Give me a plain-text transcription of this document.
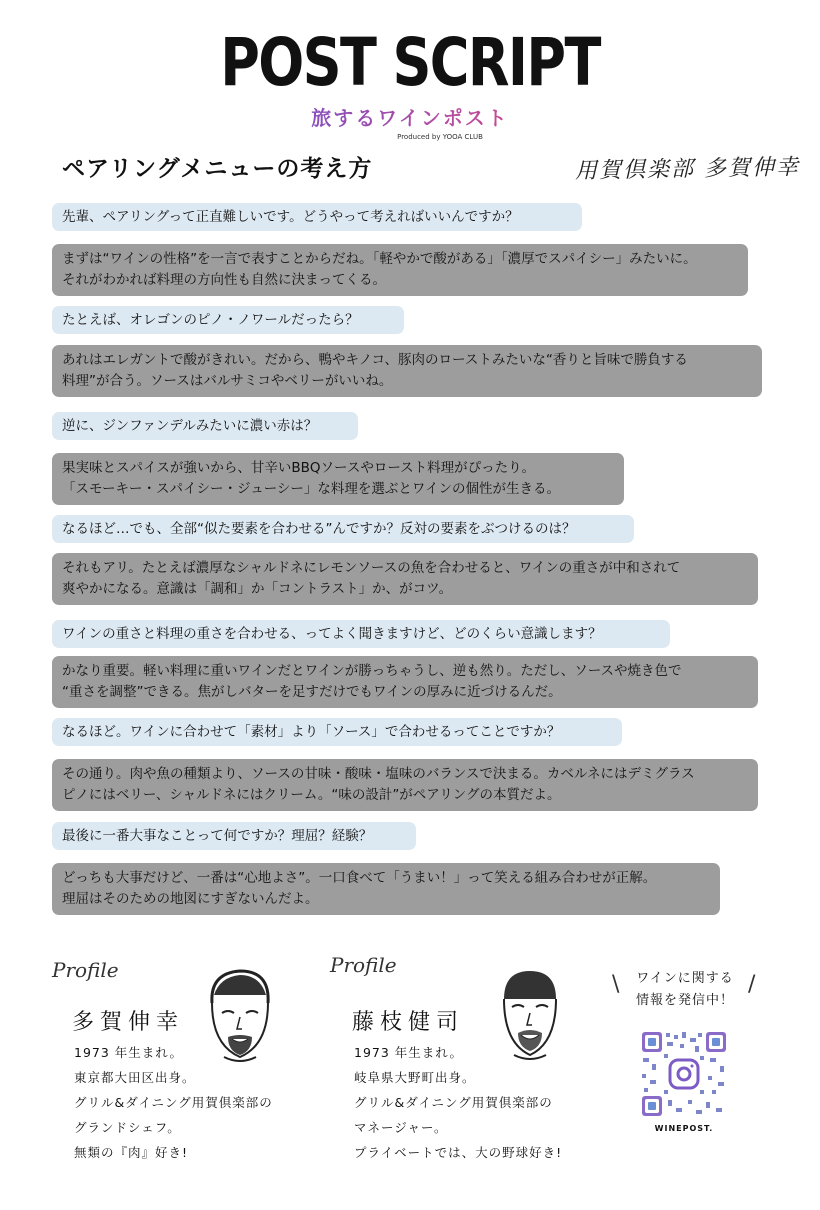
POST SCRIPT
旅するワインポスト
Produced by YOOA CLUB
ペアリングメニューの考え方	用賀倶楽部 多賀伸幸
先輩、ペアリングって正直難しいです。どうやって考えればいいんですか？
まずは“ワインの性格”を一言で表すことからだね。「軽やかで酸がある」「濃厚でスパイシー」みたいに。
それがわかれば料理の方向性も自然に決まってくる。
たとえば、オレゴンのピノ・ノワールだったら？
あれはエレガントで酸がきれい。だから、鴨やキノコ、豚肉のローストみたいな“香りと旨味で勝負する
料理”が合う。ソースはバルサミコやベリーがいいね。
逆に、ジンファンデルみたいに濃い赤は？
果実味とスパイスが強いから、甘辛いBBQソースやロースト料理がぴったり。
「スモーキー・スパイシー・ジューシー」な料理を選ぶとワインの個性が生きる。
なるほど…でも、全部“似た要素を合わせる”んですか？反対の要素をぶつけるのは？
それもアリ。たとえば濃厚なシャルドネにレモンソースの魚を合わせると、ワインの重さが中和されて
爽やかになる。意識は「調和」か「コントラスト」か、がコツ。
ワインの重さと料理の重さを合わせる、ってよく聞きますけど、どのくらい意識します？
かなり重要。軽い料理に重いワインだとワインが勝っちゃうし、逆も然り。ただし、ソースや焼き色で
“重さを調整”できる。焦がしバターを足すだけでもワインの厚みに近づけるんだ。
なるほど。ワインに合わせて「素材」より「ソース」で合わせるってことですか？
その通り。肉や魚の種類より、ソースの甘味・酸味・塩味のバランスで決まる。カベルネにはデミグラス
ピノにはベリー、シャルドネにはクリーム。“味の設計”がペアリングの本質だよ。
最後に一番大事なことって何ですか？理屈？経験？
どっちも大事だけど、一番は“心地よさ”。一口食べて「うまい！」って笑える組み合わせが正解。
理屈はそのための地図にすぎないんだよ。
Profile
多賀伸幸
1973 年生まれ。
東京都大田区出身。
グリル&ダイニング用賀倶楽部の
グランドシェフ。
無類の『肉』好き!
Profile
藤枝健司
1973 年生まれ。
岐阜県大野町出身。
グリル&ダイニング用賀倶楽部の
マネージャー。
プライベートでは、大の野球好き!
\	/
ワインに関する
情報を発信中！
WINEPOST.
